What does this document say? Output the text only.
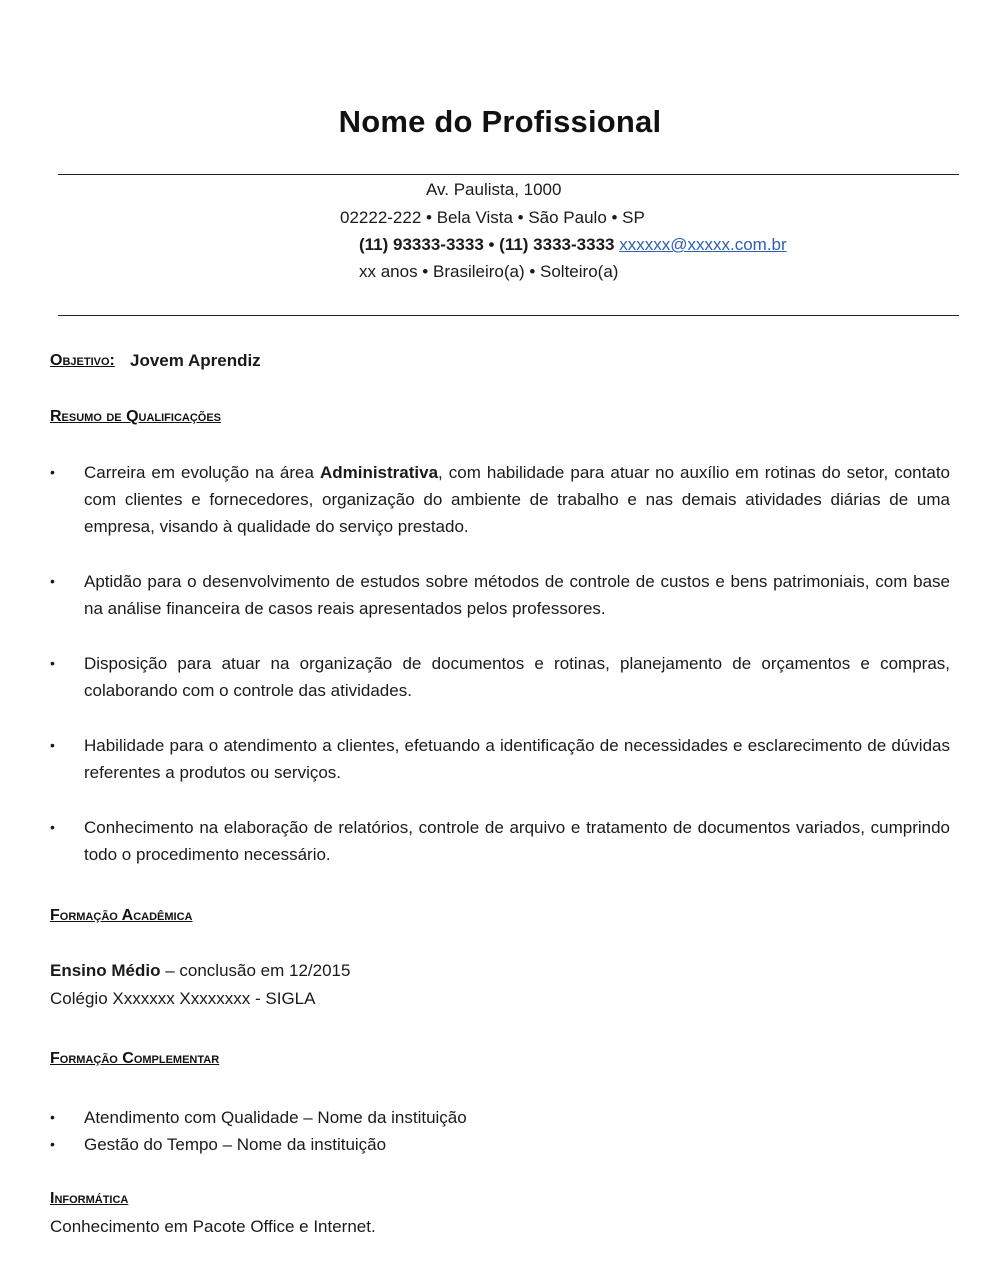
Nome do Profissional
Av. Paulista, 1000
02222-222 • Bela Vista • São Paulo • SP
(11) 93333-3333 • (11) 3333-3333 xxxxxx@xxxxx.com.br
xx anos • Brasileiro(a) • Solteiro(a)
Objetivo: Jovem Aprendiz
Resumo de Qualificações
• Carreira em evolução na área Administrativa, com habilidade para atuar no auxílio em rotinas do setor, contato com clientes e fornecedores, organização do ambiente de trabalho e nas demais atividades diárias de uma empresa, visando à qualidade do serviço prestado.
• Aptidão para o desenvolvimento de estudos sobre métodos de controle de custos e bens patrimoniais, com base na análise financeira de casos reais apresentados pelos professores.
• Disposição para atuar na organização de documentos e rotinas, planejamento de orçamentos e compras, colaborando com o controle das atividades.
• Habilidade para o atendimento a clientes, efetuando a identificação de necessidades e esclarecimento de dúvidas referentes a produtos ou serviços.
• Conhecimento na elaboração de relatórios, controle de arquivo e tratamento de documentos variados, cumprindo todo o procedimento necessário.
Formação Acadêmica
Ensino Médio – conclusão em 12/2015
Colégio Xxxxxxx Xxxxxxxx - SIGLA
Formação Complementar
• Atendimento com Qualidade – Nome da instituição
• Gestão do Tempo – Nome da instituição
Informática
Conhecimento em Pacote Office e Internet.
